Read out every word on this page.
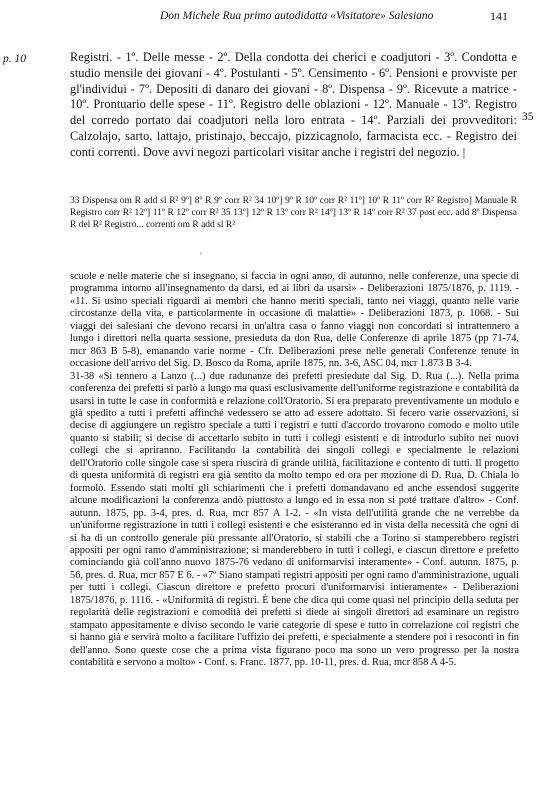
Don Michele Rua primo autodidatta «Visitatore» Salesiano	141
p. 10
35
Registri. - 1º. Delle messe - 2º. Della condotta dei cherici e coadjutori - 3º. Condotta e studio mensile dei giovani - 4º. Postulanti - 5º. Censimento - 6º. Pensioni e provviste per gl'individui - 7º. Depositi di danaro dei giovani - 8º. Dispensa - 9º. Ricevute a matrice - 10º. Prontuario delle spese - 11º. Registro delle oblazioni - 12º. Manuale - 13º. Registro del corredo portato dai coadjutori nella loro entrata - 14º. Parziali dei provveditori: Calzolajo, sarto, lattajo, pristinajo, beccajo, pizzicagnolo, farmacista ecc. - Registro dei conti correnti. Dove avvi negozi particolari visitar anche i registri del negozio. |
33 Dispensa om R add sl R² 9º] 8º R 9º corr R² 34 10º] 9º R 10º corr R² 11º] 10º R 11º corr R² Registro] Manuale R Registro corr R² 12º] 11º R 12º corr R² 35 13º] 12º R 13º corr R² 14º] 13º R 14º corr R² 37 post ecc. add 8º Dispensa R del R² Registro... correnti om R add sl R²
'

scuole e nelle materie che si insegnano, si faccia in ogni anno, di autunno, nelle conferenze, una specie di programma intorno all'insegnamento da darsi, ed ai libri da usarsi» - Deliberazioni 1875/1876, p. 1119. - «11. Si usino speciali riguardi ai membri che hanno meriti speciali, tanto nei viaggi, quanto nelle varie circostanze della vita, e particolarmente in occasione di malattie» - Deliberazioni 1873, p. 1068. - Sui viaggi dei salesiani che devono recarsi in un'altra casa o fanno viaggi non concordati si intrattennero a lungo i direttori nella quarta sessione, presieduta da don Rua, delle Conferenze di aprile 1875 (pp 71-74, mcr 863 B 5-8), emanando varie norme - Cfr. Deliberazioni prese nelle generali Conferenze tenute in occasione dell'arrivo del Sig. D. Bosco da Roma, aprile 1875, nn. 3-6, ASC 04, mcr 1.873 B 3-4.

31-38 «Si tennero a Lanzo (...) due radunanze dei prefetti presiedute dal Sig. D. Rua (...). Nella prima conferenza dei prefetti si parlò a lungo ma quasi esclusivamente dell'uniforme registrazione e contabilità da usarsi in tutte le case in conformità e relazione coll'Oratorio. Si era preparato preventivamente un modulo e già spedito a tutti i prefetti affinché vedessero se atto ad essere adottato. Si fecero varie osservazioni, si decise di aggiungere un registro speciale a tutti i registri e tutti d'accordo trovarono comodo e molto utile quanto si stabilì; si decise di accettarlo subito in tutti i collegi esistenti e di introdurlo subito nei nuovi collegi che si apriranno. Facilitando la contabilità dei singoli collegi e specialmente le relazioni dell'Oratorio colle singole case si spera riuscirà di grande utilità, facilitazione e contento di tutti. Il progetto di questa uniformità di registri era già sentito da molto tempo ed ora per mozione di D. Rua, D. Chiala lo formolò. Essendo stati molti gli schiarimenti che i prefetti domandavano ed anche essendosi suggerite alcune modificazioni la conferenza andò piuttosto a lungo ed in essa non si poté trattare d'altro» - Conf. autunn. 1875, pp. 3-4, pres. d. Rua, mcr 857 A 1-2. - «In vista dell'utilità grande che ne verrebbe da un'uniforme registrazione in tutti i collegi esistenti e che esisteranno ed in vista della necessità che ogni di si ha di un controllo generale più pressante all'Oratorio, si stabilì che a Torino si stamperebbero registri appositi per ogni ramo d'amministrazione; si manderebbero in tutti i collegi, e ciascun direttore e prefetto cominciando già coll'anno nuovo 1875-76 vedano di uniformarvisi interamente» - Conf. autunn. 1875, p. 56, pres. d. Rua, mcr 857 E 6. - «7º Siano stampati registri appositi per ogni ramo d'amministrazione, uguali per tutti i collegi. Ciascun direttore e prefetto procuri d'uniformarvisi intieramente» - Deliberazioni 1875/1876, p. 1116. - «Uniformità di registri. È bene che dica qui come quasi nel principio della seduta per regolarità delle registrazioni e comodità dei prefetti si diede ai singoli direttori ad esaminare un registro stampato appositamente e diviso secondo le varie categorie di spese e tutto in correlazione coi registri che si hanno già e servirà molto a facilitare l'uffizio dei prefetti, e specialmente a stendere poi i resoconti in fin dell'anno. Sono queste cose che a prima vista figurano poco ma sono un vero progresso per la nostra contabilità e servono a molto» - Conf. s. Franc. 1877, pp. 10-11, pres. d. Rua, mcr 858 A 4-5.
